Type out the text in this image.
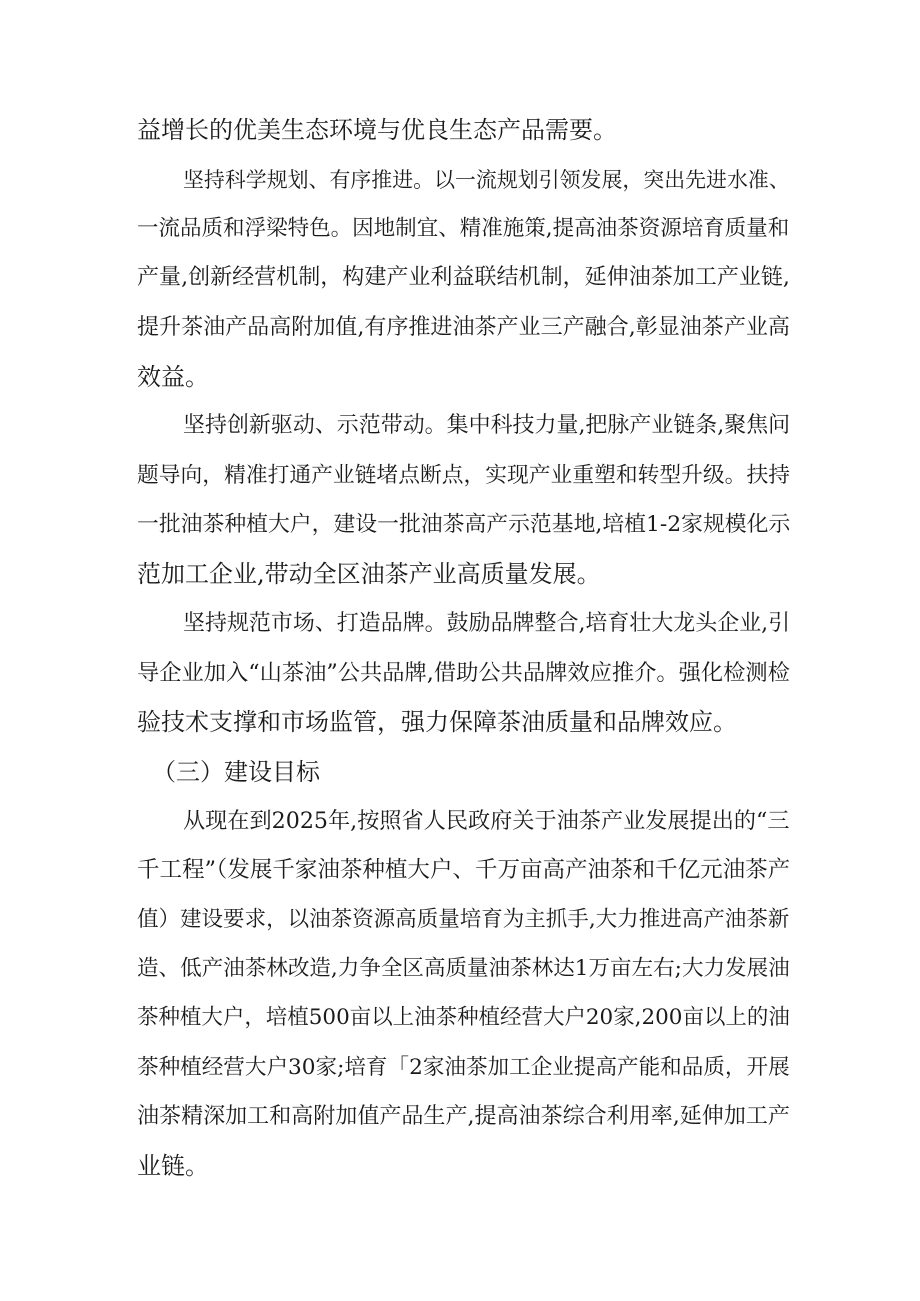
益增长的优美生态环境与优良生态产品需要。
坚持科学规划、有序推进。以一流规划引领发展，突出先进水准、
一流品质和浮梁特色。因地制宜、精准施策,提高油茶资源培育质量和
产量,创新经营机制，构建产业利益联结机制，延伸油茶加工产业链,
提升茶油产品高附加值,有序推进油茶产业三产融合,彰显油茶产业高
效益。
坚持创新驱动、示范带动。集中科技力量,把脉产业链条,聚焦问
题导向，精准打通产业链堵点断点，实现产业重塑和转型升级。扶持
一批油茶种植大户，建设一批油茶高产示范基地,培植1-2家规模化示
范加工企业,带动全区油茶产业高质量发展。
坚持规范市场、打造品牌。鼓励品牌整合,培育壮大龙头企业,引
导企业加入“山茶油”公共品牌,借助公共品牌效应推介。强化检测检
验技术支撑和市场监管，强力保障茶油质量和品牌效应。
（三）建设目标
从现在到2025年,按照省人民政府关于油茶产业发展提出的“三
千工程”（发展千家油茶种植大户、千万亩高产油茶和千亿元油茶产
值）建设要求，以油茶资源高质量培育为主抓手,大力推进高产油茶新
造、低产油茶林改造,力争全区高质量油茶林达1万亩左右;大力发展油
茶种植大户，培植500亩以上油茶种植经营大户20家,200亩以上的油
茶种植经营大户30家;培育「2家油茶加工企业提高产能和品质，开展
油茶精深加工和高附加值产品生产,提高油茶综合利用率,延伸加工产
业链。
